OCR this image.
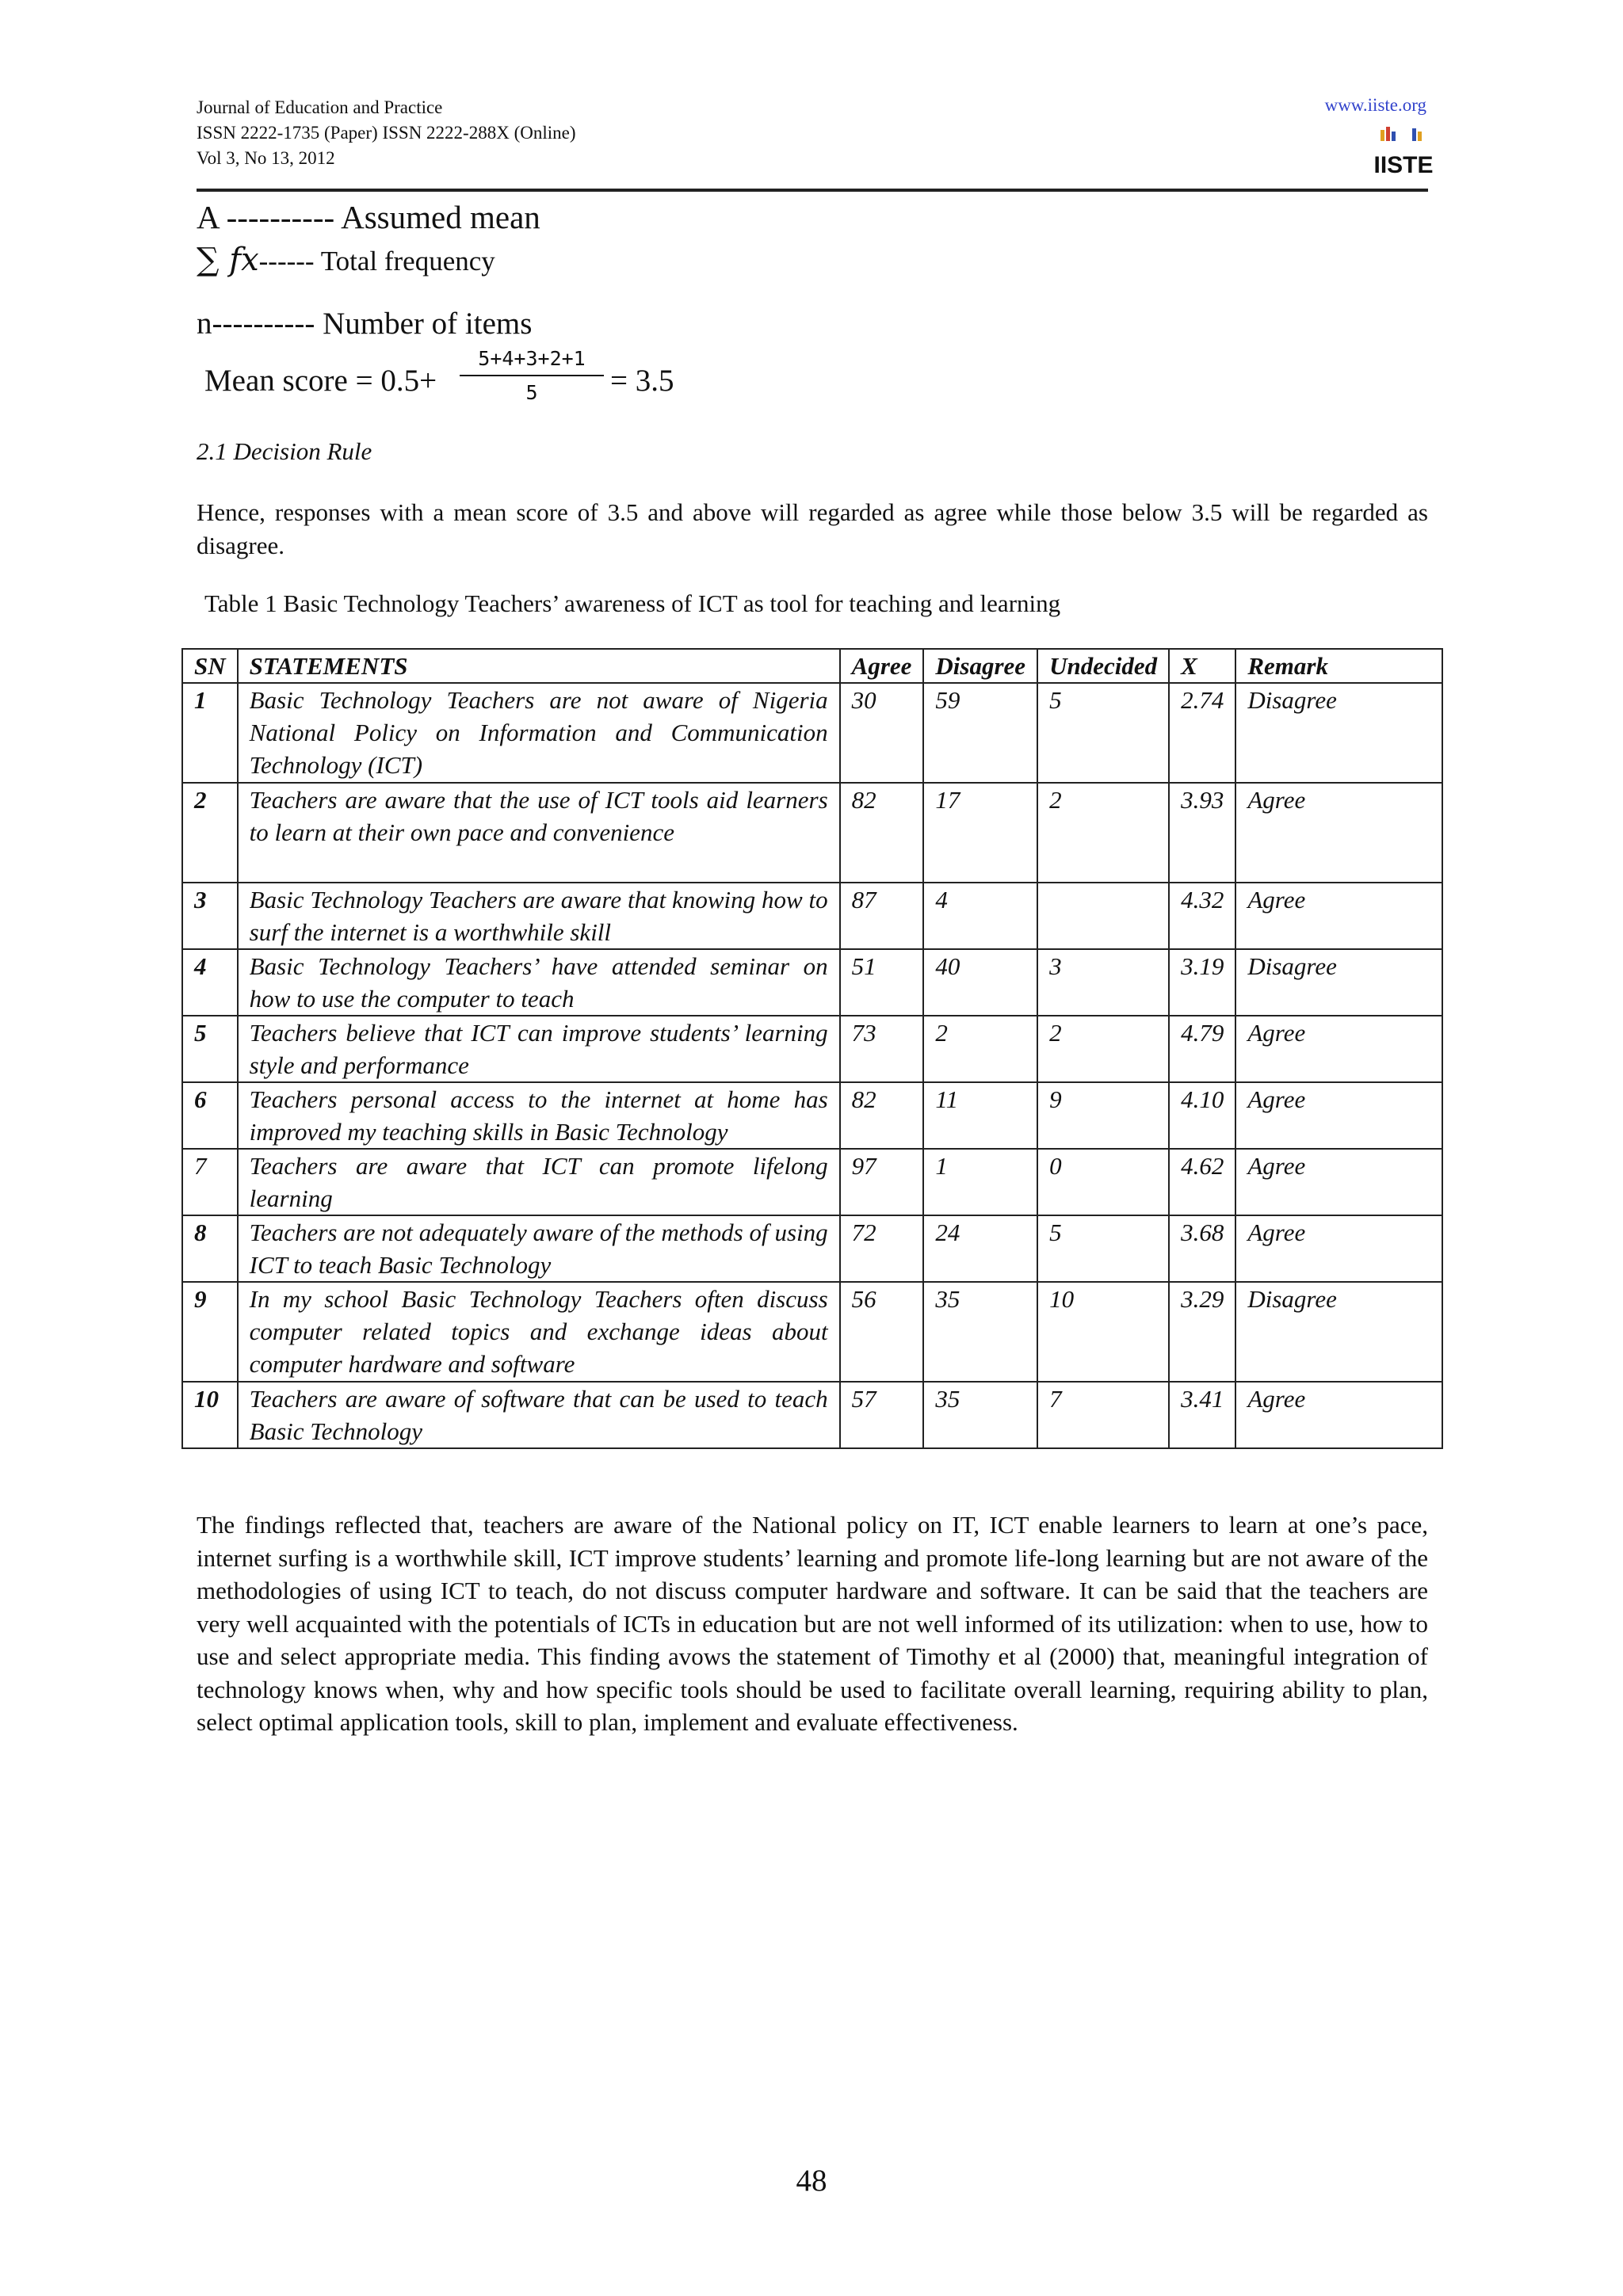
Journal of Education and Practice
ISSN 2222-1735 (Paper) ISSN 2222-288X (Online)
Vol 3, No 13, 2012
www.iiste.org
IISTE
A ---------- Assumed mean
∑ fx------ Total frequency
n---------- Number of items
Mean score = $0.5+ \frac{5+4+3+2+1}{5} = 3.5$
2.1 Decision Rule
Hence, responses with a mean score of 3.5 and above will regarded as agree while those below 3.5 will be regarded as disagree.
Table 1 Basic Technology Teachers’ awareness of ICT as tool for teaching and learning
SN	STATEMENTS	Agree	Disagree	Undecided	X	Remark
1	Basic Technology Teachers are not aware of Nigeria National Policy on Information and Communication Technology (ICT)	30	59	5	2.74	Disagree
2	Teachers are aware that the use of ICT tools aid learners to learn at their own pace and convenience	82	17	2	3.93	Agree
3	Basic Technology Teachers are aware that knowing how to surf the internet is a worthwhile skill	87	4		4.32	Agree
4	Basic Technology Teachers’ have attended seminar on how to use the computer to teach	51	40	3	3.19	Disagree
5	Teachers believe that ICT can improve students’ learning style and performance	73	2	2	4.79	Agree
6	Teachers personal access to the internet at home has improved my teaching skills in Basic Technology	82	11	9	4.10	Agree
7	Teachers are aware that ICT can promote lifelong learning	97	1	0	4.62	Agree
8	Teachers are not adequately aware of the methods of using ICT to teach Basic Technology	72	24	5	3.68	Agree
9	In my school Basic Technology Teachers often discuss computer related topics and exchange ideas about computer hardware and software	56	35	10	3.29	Disagree
10	Teachers are aware of software that can be used to teach Basic Technology	57	35	7	3.41	Agree
The findings reflected that, teachers are aware of the National policy on IT, ICT enable learners to learn at one’s pace, internet surfing is a worthwhile skill, ICT improve students’ learning and promote life-long learning but are not aware of the methodologies of using ICT to teach, do not discuss computer hardware and software. It can be said that the teachers are very well acquainted with the potentials of ICTs in education but are not well informed of its utilization: when to use, how to use and select appropriate media. This finding avows the statement of Timothy et al (2000) that, meaningful integration of technology knows when, why and how specific tools should be used to facilitate overall learning, requiring ability to plan, select optimal application tools, skill to plan, implement and evaluate effectiveness.
48
